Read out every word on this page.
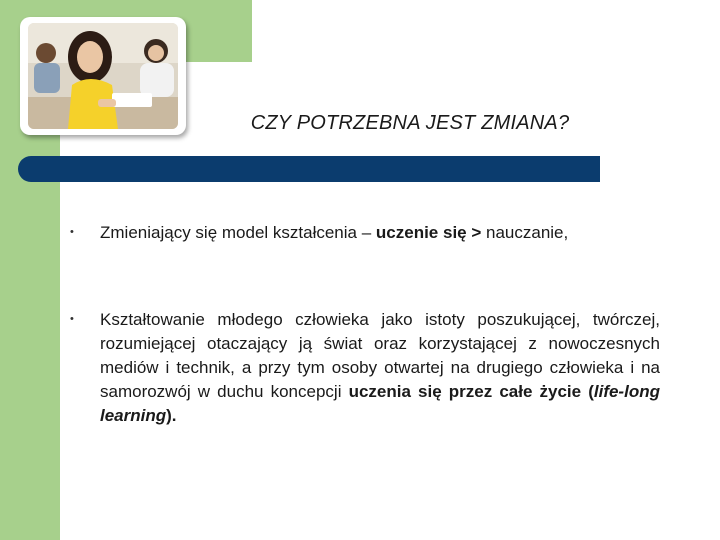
CZY POTRZEBNA JEST ZMIANA?
• Zmieniający się model kształcenia – uczenie się > nauczanie,
• Kształtowanie młodego człowieka jako istoty poszukującej, twórczej, rozumiejącej otaczający ją świat oraz korzystającej z nowoczesnych mediów i technik, a przy tym osoby otwartej na drugiego człowieka i na samorozwój w duchu koncepcji uczenia się przez całe życie (life-long learning).
